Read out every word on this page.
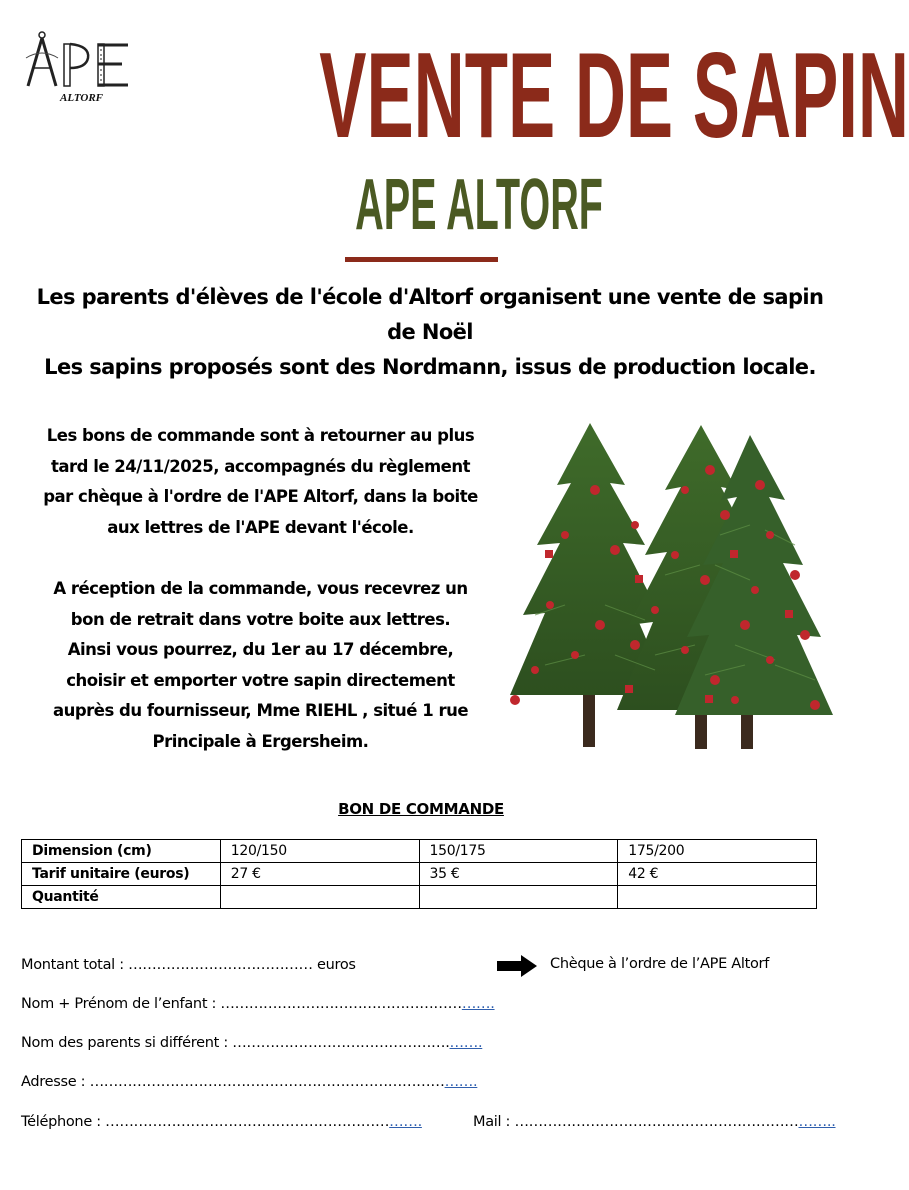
ALTORF VENTE DE SAPIN
APE ALTORF
Les parents d'élèves de l'école d'Altorf organisent une vente de sapin
de Noël
Les sapins proposés sont des Nordmann, issus de production locale.
Les bons de commande sont à retourner au plus
tard le 24/11/2025, accompagnés du règlement
par chèque à l'ordre de l'APE Altorf, dans la boite
aux lettres de l'APE devant l'école.
A réception de la commande, vous recevrez un
bon de retrait dans votre boite aux lettres.
Ainsi vous pourrez, du 1er au 17 décembre,
choisir et emporter votre sapin directement
auprès du fournisseur, Mme RIEHL , situé 1 rue
Principale à Ergersheim.
BON DE COMMANDE
Dimension (cm)	120/150	150/175	175/200
Tarif unitaire (euros)	27 €	35 €	42 €
Quantité			
Montant total : ………………………………… euros	Chèque à l’ordre de l’APE Altorf
Nom + Prénom de l’enfant : ………………………………………………….
Nom des parents si différent : ……………………………………….…….
Adresse : ……………………………………………………………………….
Téléphone : ………………………………………………………….	Mail : …………………………………………………………..
